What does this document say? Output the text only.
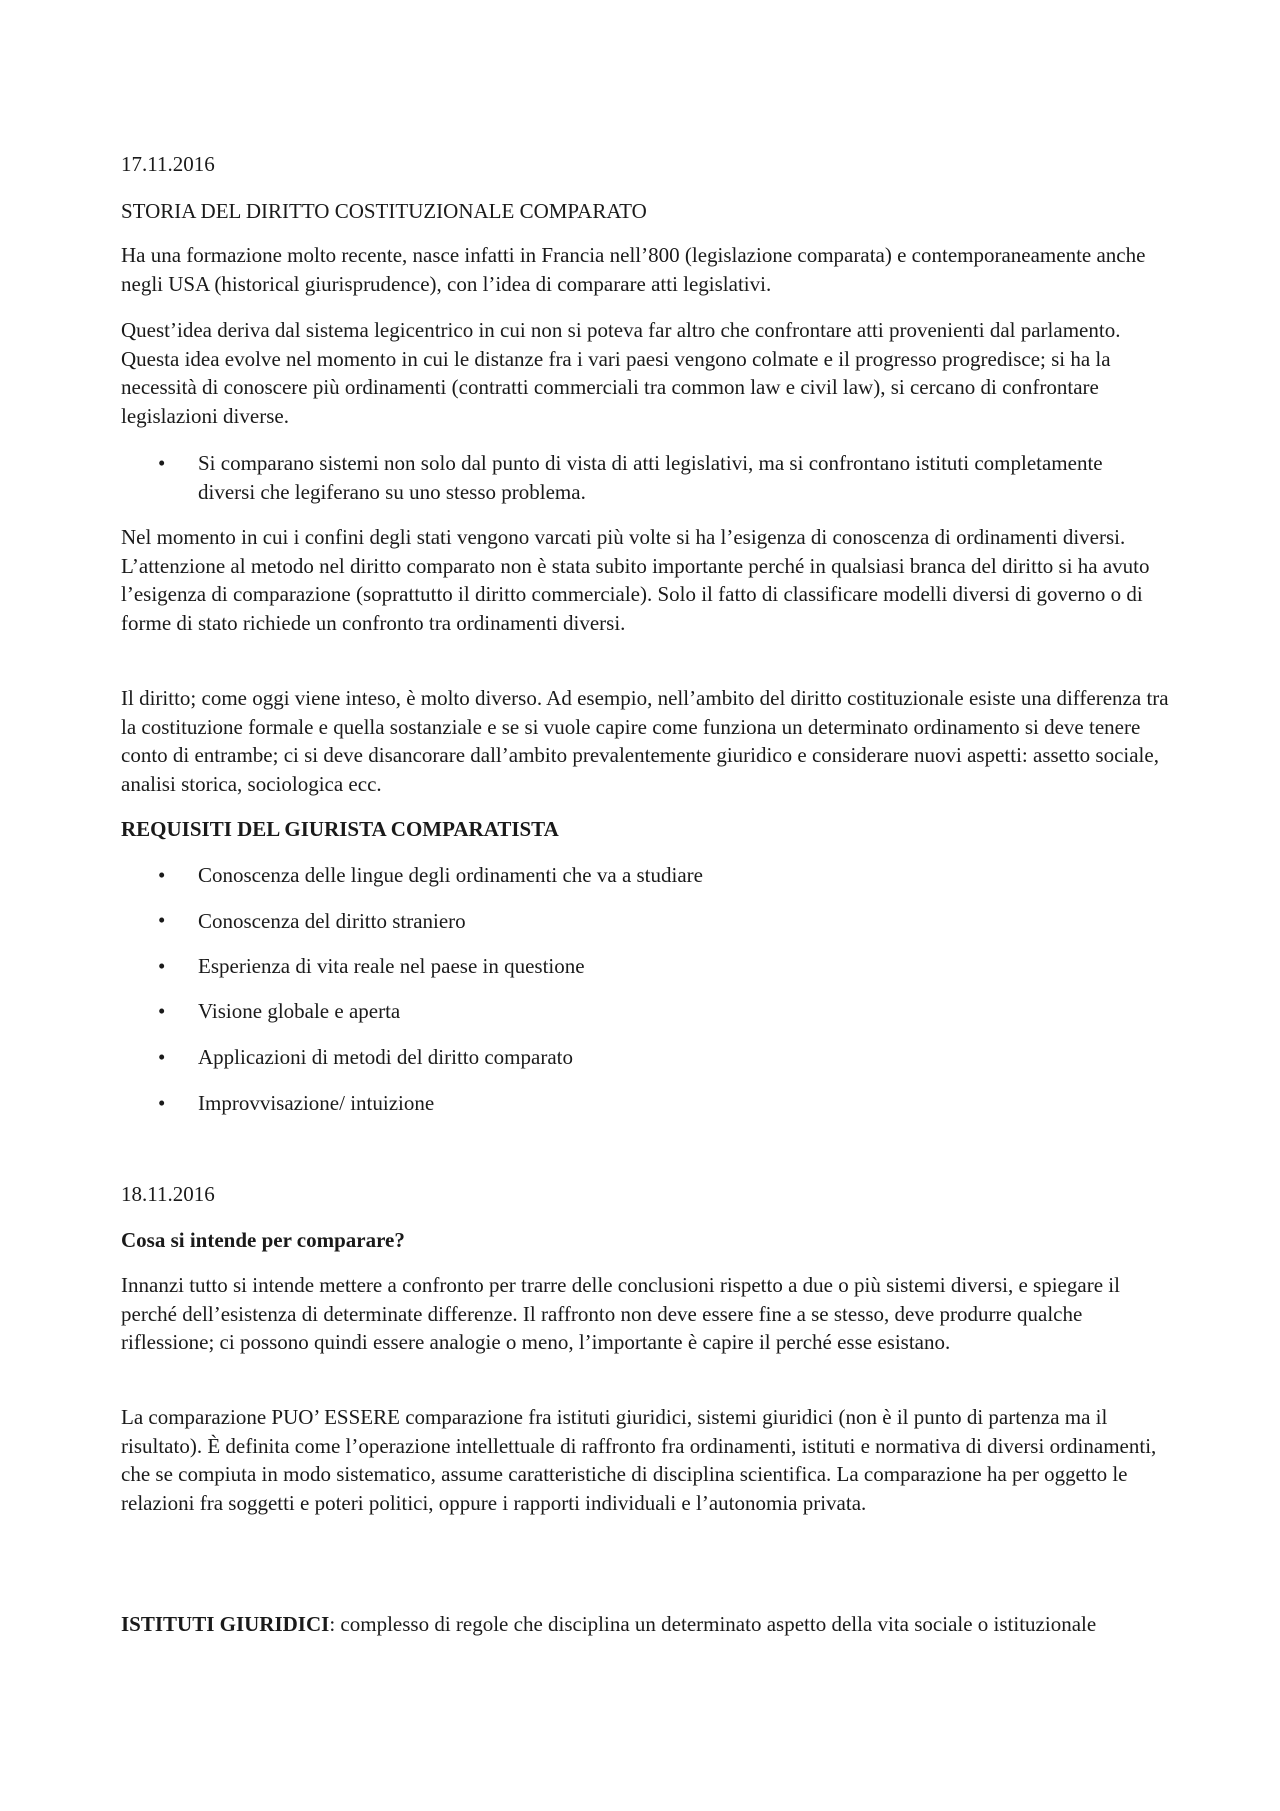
17.11.2016

STORIA DEL DIRITTO COSTITUZIONALE COMPARATO

Ha una formazione molto recente, nasce infatti in Francia nell’800 (legislazione comparata) e contemporaneamente anche negli USA (historical giurisprudence), con l’idea di comparare atti legislativi.

Quest’idea deriva dal sistema legicentrico in cui non si poteva far altro che confrontare atti provenienti dal parlamento. Questa idea evolve nel momento in cui le distanze fra i vari paesi vengono colmate e il progresso progredisce; si ha la necessità di conoscere più ordinamenti (contratti commerciali tra common law e civil law), si cercano di confrontare legislazioni diverse.

• Si comparano sistemi non solo dal punto di vista di atti legislativi, ma si confrontano istituti completamente diversi che legiferano su uno stesso problema.

Nel momento in cui i confini degli stati vengono varcati più volte si ha l’esigenza di conoscenza di ordinamenti diversi. L’attenzione al metodo nel diritto comparato non è stata subito importante perché in qualsiasi branca del diritto si ha avuto l’esigenza di comparazione (soprattutto il diritto commerciale). Solo il fatto di classificare modelli diversi di governo o di forme di stato richiede un confronto tra ordinamenti diversi.

Il diritto; come oggi viene inteso, è molto diverso. Ad esempio, nell’ambito del diritto costituzionale esiste una differenza tra la costituzione formale e quella sostanziale e se si vuole capire come funziona un determinato ordinamento si deve tenere conto di entrambe; ci si deve disancorare dall’ambito prevalentemente giuridico e considerare nuovi aspetti: assetto sociale, analisi storica, sociologica ecc.

REQUISITI DEL GIURISTA COMPARATISTA

• Conoscenza delle lingue degli ordinamenti che va a studiare

• Conoscenza del diritto straniero

• Esperienza di vita reale nel paese in questione

• Visione globale e aperta

• Applicazioni di metodi del diritto comparato

• Improvvisazione/ intuizione

18.11.2016

Cosa si intende per comparare?

Innanzi tutto si intende mettere a confronto per trarre delle conclusioni rispetto a due o più sistemi diversi, e spiegare il perché dell’esistenza di determinate differenze. Il raffronto non deve essere fine a se stesso, deve produrre qualche riflessione; ci possono quindi essere analogie o meno, l’importante è capire il perché esse esistano.

La comparazione PUO’ ESSERE comparazione fra istituti giuridici, sistemi giuridici (non è il punto di partenza ma il risultato). È definita come l’operazione intellettuale di raffronto fra ordinamenti, istituti e normativa di diversi ordinamenti, che se compiuta in modo sistematico, assume caratteristiche di disciplina scientifica. La comparazione ha per oggetto le relazioni fra soggetti e poteri politici, oppure i rapporti individuali e l’autonomia privata.

ISTITUTI GIURIDICI: complesso di regole che disciplina un determinato aspetto della vita sociale o istituzionale
